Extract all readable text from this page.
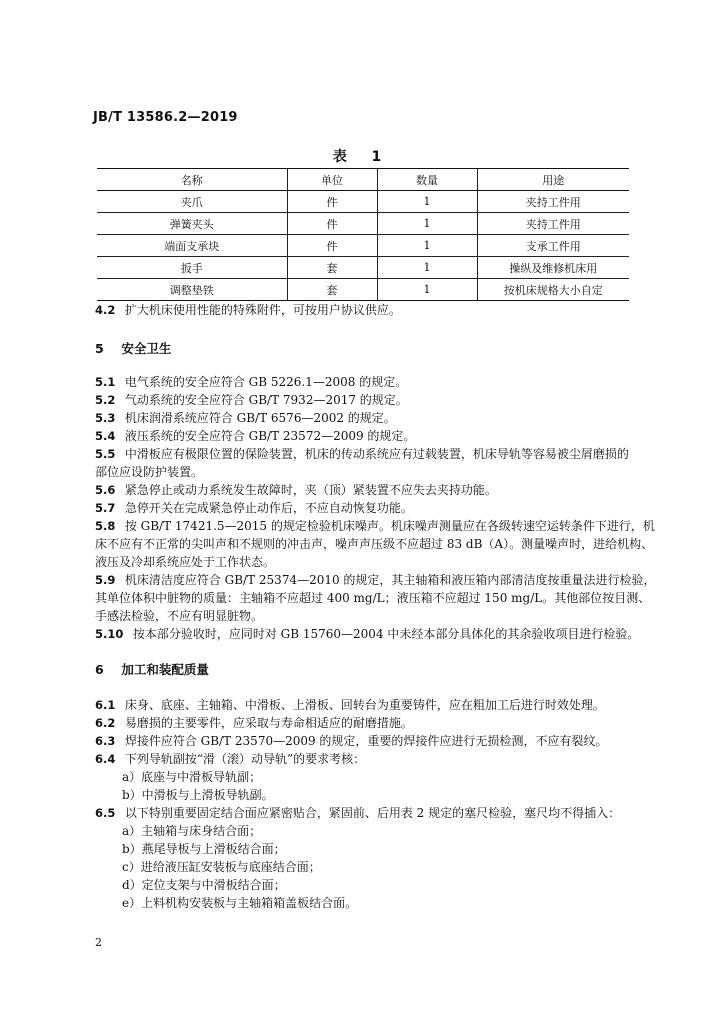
JB/T 13586.2—2019
表 1
名称	单位	数量	用途
夹爪	件	1	夹持工件用
弹簧夹头	件	1	夹持工件用
端面支承块	件	1	支承工件用
扳手	套	1	操纵及维修机床用
调整垫铁	套	1	按机床规格大小自定
4.2 扩大机床使用性能的特殊附件，可按用户协议供应。
5 安全卫生
5.1 电气系统的安全应符合 GB 5226.1—2008 的规定。
5.2 气动系统的安全应符合 GB/T 7932—2017 的规定。
5.3 机床润滑系统应符合 GB/T 6576—2002 的规定。
5.4 液压系统的安全应符合 GB/T 23572—2009 的规定。
5.5 中滑板应有极限位置的保险装置，机床的传动系统应有过载装置，机床导轨等容易被尘屑磨损的
部位应设防护装置。
5.6 紧急停止或动力系统发生故障时，夹（顶）紧装置不应失去夹持功能。
5.7 急停开关在完成紧急停止动作后，不应自动恢复功能。
5.8 按 GB/T 17421.5—2015 的规定检验机床噪声。机床噪声测量应在各级转速空运转条件下进行，机
床不应有不正常的尖叫声和不规则的冲击声，噪声声压级不应超过 83 dB（A）。测量噪声时，进给机构、
液压及冷却系统应处于工作状态。
5.9 机床清洁度应符合 GB/T 25374—2010 的规定，其主轴箱和液压箱内部清洁度按重量法进行检验，
其单位体积中脏物的质量：主轴箱不应超过 400 mg/L；液压箱不应超过 150 mg/L。其他部位按目测、
手感法检验，不应有明显脏物。
5.10 按本部分验收时，应同时对 GB 15760—2004 中未经本部分具体化的其余验收项目进行检验。
6 加工和装配质量
6.1 床身、底座、主轴箱、中滑板、上滑板、回转台为重要铸件，应在粗加工后进行时效处理。
6.2 易磨损的主要零件，应采取与寿命相适应的耐磨措施。
6.3 焊接件应符合 GB/T 23570—2009 的规定，重要的焊接件应进行无损检测，不应有裂纹。
6.4 下列导轨副按“滑（滚）动导轨”的要求考核：
a）底座与中滑板导轨副；
b）中滑板与上滑板导轨副。
6.5 以下特别重要固定结合面应紧密贴合，紧固前、后用表 2 规定的塞尺检验，塞尺均不得插入：
a）主轴箱与床身结合面；
b）燕尾导板与上滑板结合面；
c）进给液压缸安装板与底座结合面；
d）定位支架与中滑板结合面；
e）上料机构安装板与主轴箱箱盖板结合面。
2
